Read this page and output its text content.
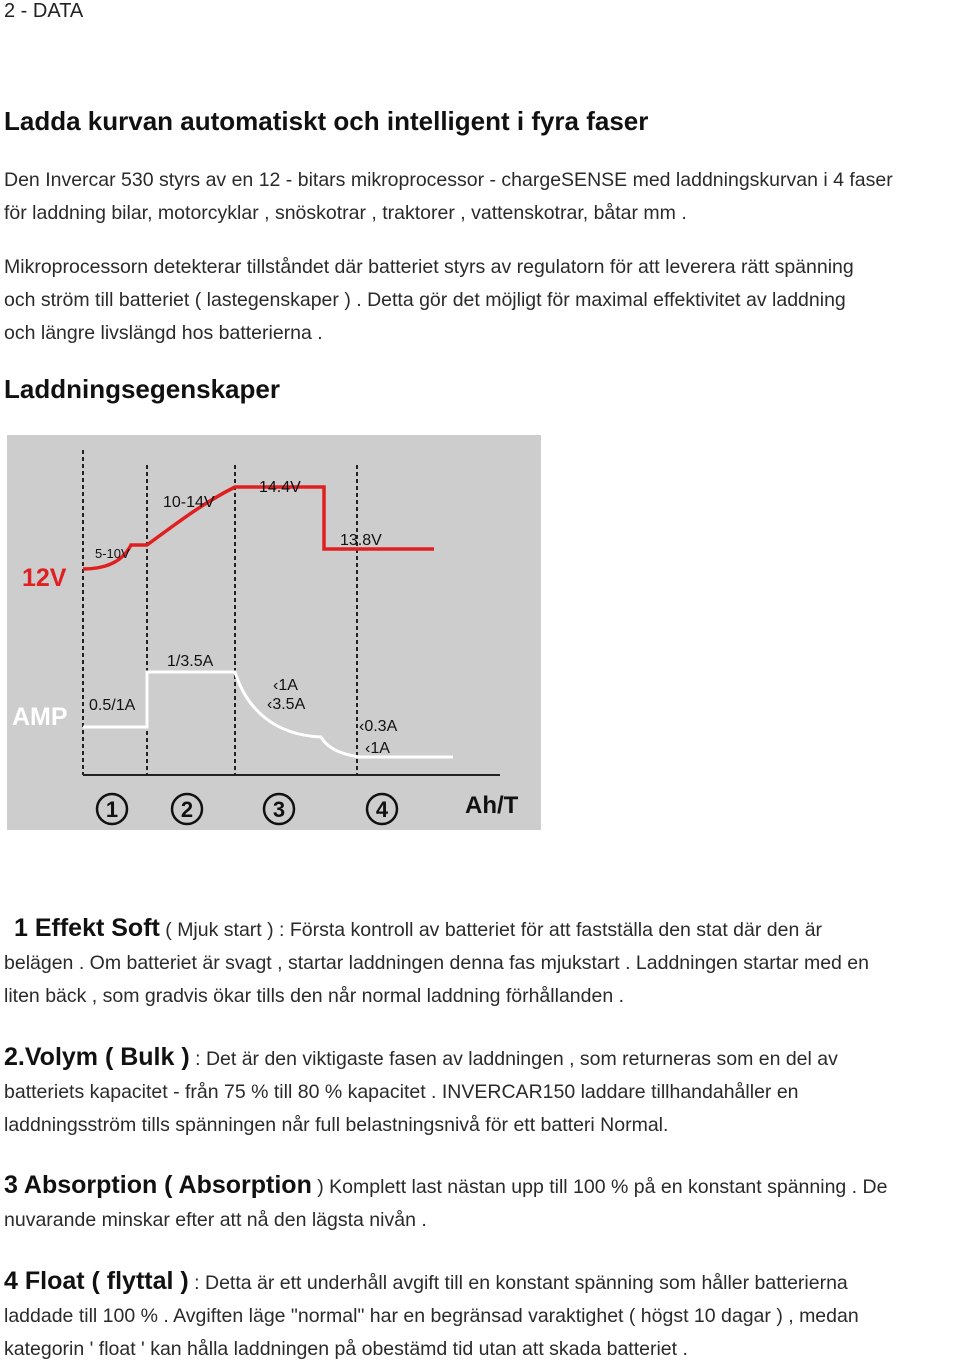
2 - DATA
Ladda kurvan automatiskt och intelligent i fyra faser
Den Invercar 530 styrs av en 12 - bitars mikroprocessor - chargeSENSE med laddningskurvan i 4 faser
för laddning bilar, motorcyklar , snöskotrar , traktorer , vattenskotrar, båtar mm .
Mikroprocessorn detekterar tillståndet där batteriet styrs av regulatorn för att leverera rätt spänning
och ström till batteriet ( lastegenskaper ) . Detta gör det möjligt för maximal effektivitet av laddning
och längre livslängd hos batterierna .
Laddningsegenskaper
12V
AMP
Ah/T
5-10V
10-14V
14.4V
13.8V
0.5/1A
1/3.5A
‹1A
‹3.5A
‹0.3A
‹1A
1	2	3	4
1 Effekt Soft ( Mjuk start ) : Första kontroll av batteriet för att fastställa den stat där den är
belägen . Om batteriet är svagt , startar laddningen denna fas mjukstart . Laddningen startar med en
liten bäck , som gradvis ökar tills den når normal laddning förhållanden .
2.Volym ( Bulk ) : Det är den viktigaste fasen av laddningen , som returneras som en del av
batteriets kapacitet - från 75 % till 80 % kapacitet . INVERCAR150 laddare tillhandahåller en
laddningsström tills spänningen når full belastningsnivå för ett batteri Normal.
3 Absorption ( Absorption ) Komplett last nästan upp till 100 % på en konstant spänning . De
nuvarande minskar efter att nå den lägsta nivån .
4 Float ( flyttal ) : Detta är ett underhåll avgift till en konstant spänning som håller batterierna
laddade till 100 % . Avgiften läge "normal" har en begränsad varaktighet ( högst 10 dagar ) , medan
kategorin ' float ' kan hålla laddningen på obestämd tid utan att skada batteriet .
